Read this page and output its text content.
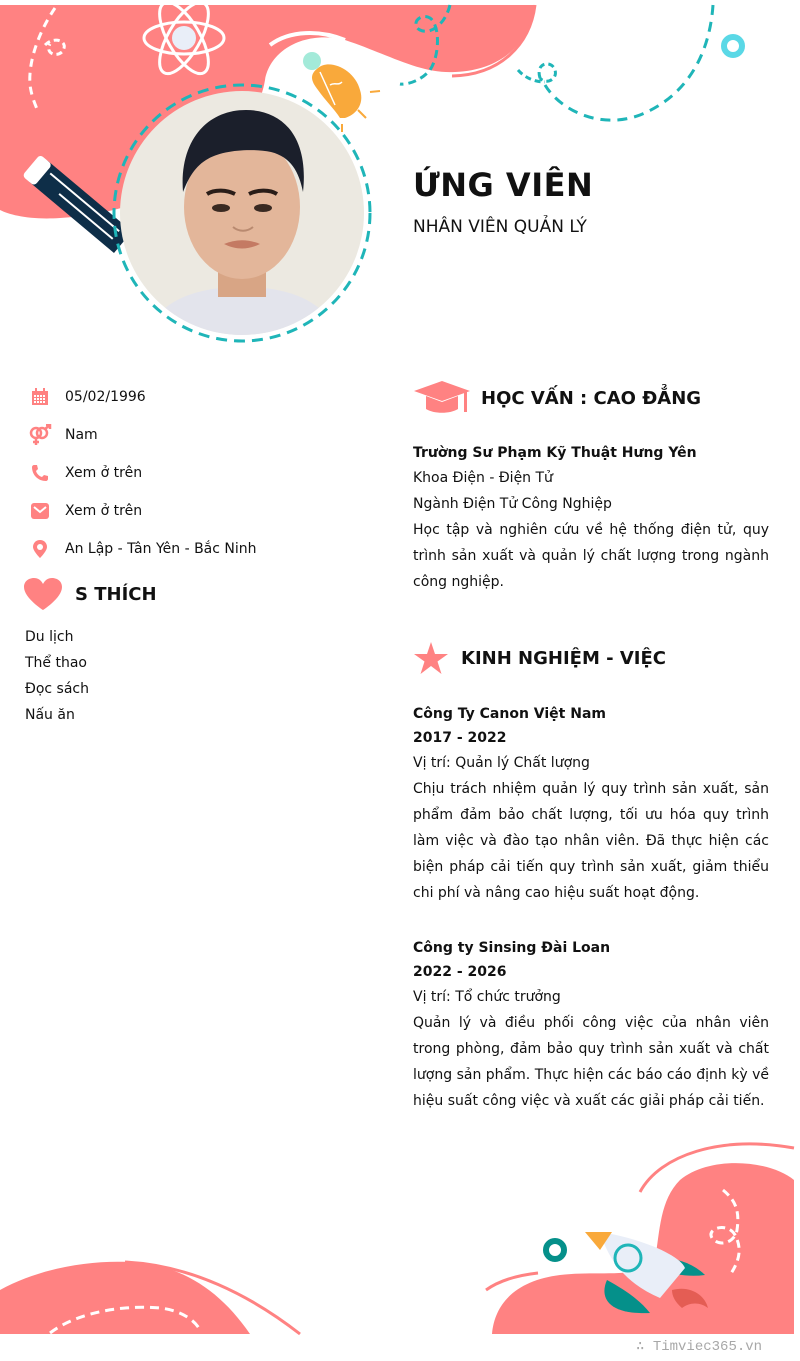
ỨNG VIÊN
NHÂN VIÊN QUẢN LÝ
05/02/1996
Nam
Xem ở trên
Xem ở trên
An Lập - Tân Yên - Bắc Ninh
S THÍCH
Du lịch
Thể thao
Đọc sách
Nấu ăn
HỌC VẤN : CAO ĐẲNG
Trường Sư Phạm Kỹ Thuật Hưng Yên
Khoa Điện - Điện Tử
Ngành Điện Tử Công Nghiệp
Học tập và nghiên cứu về hệ thống điện tử, quy trình sản xuất và quản lý chất lượng trong ngành công nghiệp.
KINH NGHIỆM - VIỆC
Công Ty Canon Việt Nam
2017 - 2022
Vị trí: Quản lý Chất lượng
Chịu trách nhiệm quản lý quy trình sản xuất, sản phẩm đảm bảo chất lượng, tối ưu hóa quy trình làm việc và đào tạo nhân viên. Đã thực hiện các biện pháp cải tiến quy trình sản xuất, giảm thiểu chi phí và nâng cao hiệu suất hoạt động.
Công ty Sinsing Đài Loan
2022 - 2026
Vị trí: Tổ chức trưởng
Quản lý và điều phối công việc của nhân viên trong phòng, đảm bảo quy trình sản xuất và chất lượng sản phẩm. Thực hiện các báo cáo định kỳ về hiệu suất công việc và xuất các giải pháp cải tiến.
∴ Timviec365.vn
